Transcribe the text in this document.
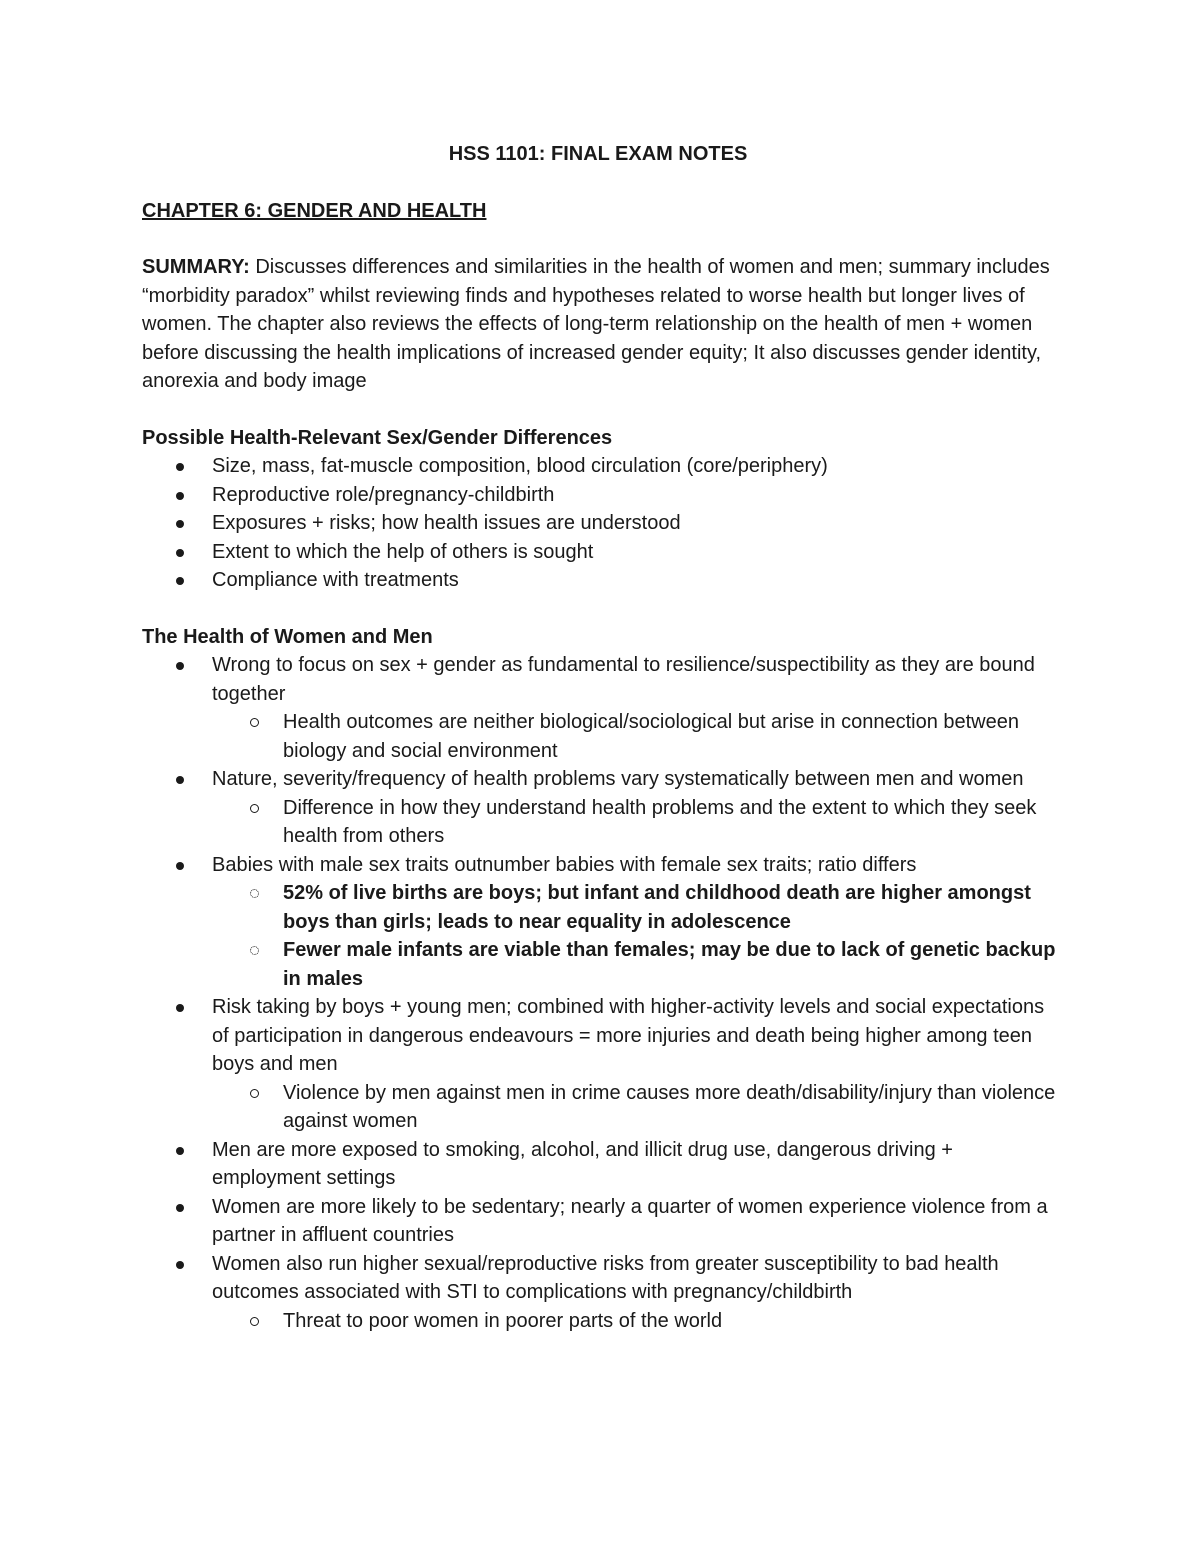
HSS 1101: FINAL EXAM NOTES
CHAPTER 6: GENDER AND HEALTH
SUMMARY: Discusses differences and similarities in the health of women and men; summary includes “morbidity paradox” whilst reviewing finds and hypotheses related to worse health but longer lives of women. The chapter also reviews the effects of long-term relationship on the health of men + women before discussing the health implications of increased gender equity; It also discusses gender identity, anorexia and body image
Possible Health-Relevant Sex/Gender Differences
Size, mass, fat-muscle composition, blood circulation (core/periphery)
Reproductive role/pregnancy-childbirth
Exposures + risks; how health issues are understood
Extent to which the help of others is sought
Compliance with treatments
The Health of Women and Men
Wrong to focus on sex + gender as fundamental to resilience/suspectibility as they are bound together
Health outcomes are neither biological/sociological but arise in connection between biology and social environment
Nature, severity/frequency of health problems vary systematically between men and women
Difference in how they understand health problems and the extent to which they seek health from others
Babies with male sex traits outnumber babies with female sex traits; ratio differs
52% of live births are boys; but infant and childhood death are higher amongst boys than girls; leads to near equality in adolescence
Fewer male infants are viable than females; may be due to lack of genetic backup in males
Risk taking by boys + young men; combined with higher-activity levels and social expectations of participation in dangerous endeavours = more injuries and death being higher among teen boys and men
Violence by men against men in crime causes more death/disability/injury than violence against women
Men are more exposed to smoking, alcohol, and illicit drug use, dangerous driving + employment settings
Women are more likely to be sedentary; nearly a quarter of women experience violence from a partner in affluent countries
Women also run higher sexual/reproductive risks from greater susceptibility to bad health outcomes associated with STI to complications with pregnancy/childbirth
Threat to poor women in poorer parts of the world
